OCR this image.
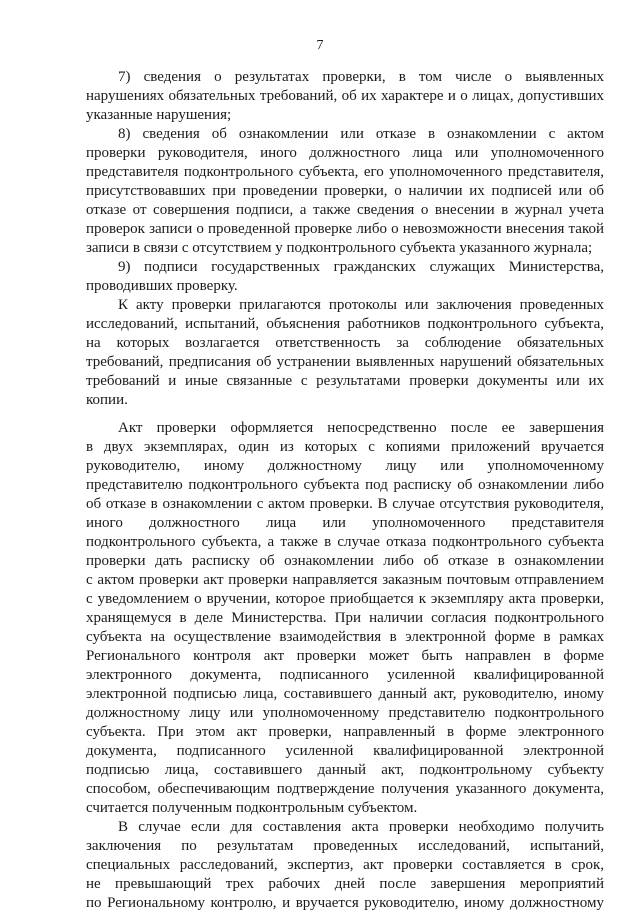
7
7) сведения о результатах проверки, в том числе о выявленных
нарушениях обязательных требований, об их характере и о лицах, допустивших
указанные нарушения;
8) сведения об ознакомлении или отказе в ознакомлении с актом
проверки руководителя, иного должностного лица или уполномоченного
представителя подконтрольного субъекта, его уполномоченного представителя,
присутствовавших при проведении проверки, о наличии их подписей или об
отказе от совершения подписи, а также сведения о внесении в журнал учета
проверок записи о проведенной проверке либо о невозможности внесения такой
записи в связи с отсутствием у подконтрольного субъекта указанного журнала;
9) подписи государственных гражданских служащих Министерства,
проводивших проверку.
К акту проверки прилагаются протоколы или заключения проведенных
исследований, испытаний, объяснения работников подконтрольного субъекта,
на которых возлагается ответственность за соблюдение обязательных
требований, предписания об устранении выявленных нарушений обязательных
требований и иные связанные с результатами проверки документы или их
копии.
Акт проверки оформляется непосредственно после ее завершения
в двух экземплярах, один из которых с копиями приложений вручается
руководителю, иному должностному лицу или уполномоченному
представителю подконтрольного субъекта под расписку об ознакомлении либо
об отказе в ознакомлении с актом проверки. В случае отсутствия руководителя,
иного должностного лица или уполномоченного представителя
подконтрольного субъекта, а также в случае отказа подконтрольного субъекта
проверки дать расписку об ознакомлении либо об отказе в ознакомлении
с актом проверки акт проверки направляется заказным почтовым отправлением
с уведомлением о вручении, которое приобщается к экземпляру акта проверки,
хранящемуся в деле Министерства. При наличии согласия подконтрольного
субъекта на осуществление взаимодействия в электронной форме в рамках
Регионального контроля акт проверки может быть направлен в форме
электронного документа, подписанного усиленной квалифицированной
электронной подписью лица, составившего данный акт, руководителю, иному
должностному лицу или уполномоченному представителю подконтрольного
субъекта. При этом акт проверки, направленный в форме электронного
документа, подписанного усиленной квалифицированной электронной
подписью лица, составившего данный акт, подконтрольному субъекту
способом, обеспечивающим подтверждение получения указанного документа,
считается полученным подконтрольным субъектом.
В случае если для составления акта проверки необходимо получить
заключения по результатам проведенных исследований, испытаний,
специальных расследований, экспертиз, акт проверки составляется в срок,
не превышающий трех рабочих дней после завершения мероприятий
по Региональному контролю, и вручается руководителю, иному должностному
